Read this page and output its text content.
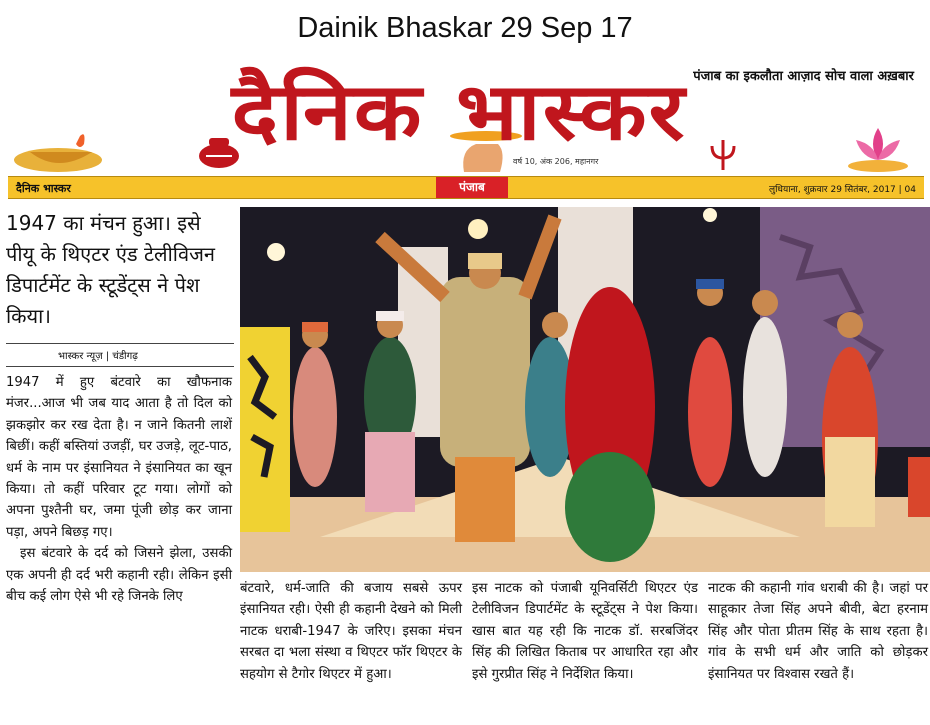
Dainik Bhaskar 29 Sep 17
दैनिक भास्कर पंजाब का इकलौता आज़ाद सोच वाला अख़बार
वर्ष 10, अंक 206, महानगर
दैनिक भास्कर	पंजाब	लुधियाना, शुक्रवार 29 सितंबर, 2017 | 04
1947 का मंचन हुआ। इसे पीयू के थिएटर एंड टेलीविजन डिपार्टमेंट के स्टूडेंट्स ने पेश किया।
भास्कर न्यूज़ | चंडीगढ़

1947 में हुए बंटवारे का खौफनाक मंजर...आज भी जब याद आता है तो दिल को झकझोर कर रख देता है। न जाने कितनी लाशें बिछीं। कहीं बस्तियां उजड़ीं, घर उजड़े, लूट-पाठ, धर्म के नाम पर इंसानियत ने इंसानियत का खून किया। तो कहीं परिवार टूट गया। लोगों को अपना पुश्तैनी घर, जमा पूंजी छोड़ कर जाना पड़ा, अपने बिछड़ गए।

इस बंटवारे के दर्द को जिसने झेला, उसकी एक अपनी ही दर्द भरी कहानी रही। लेकिन इसी बीच कई लोग ऐसे भी रहे जिनके लिए

बंटवारे, धर्म-जाति की बजाय सबसे ऊपर इंसानियत रही। ऐसी ही कहानी देखने को मिली नाटक धराबी-1947 के जरिए। इसका मंचन सरबत दा भला संस्था व थिएटर फॉर थिएटर के सहयोग से टैगोर थिएटर में हुआ।

इस नाटक को पंजाबी यूनिवर्सिटी थिएटर एंड टेलीविजन डिपार्टमेंट के स्टूडेंट्स ने पेश किया। खास बात यह रही कि नाटक डॉ. सरबजिंदर सिंह की लिखित किताब पर आधारित रहा और इसे गुरप्रीत सिंह ने निर्देशित किया।

नाटक की कहानी गांव धराबी की है। जहां पर साहूकार तेजा सिंह अपने बीवी, बेटा हरनाम सिंह और पोता प्रीतम सिंह के साथ रहता है। गांव के सभी धर्म और जाति को छोड़कर इंसानियत पर विश्वास रखते हैं।
